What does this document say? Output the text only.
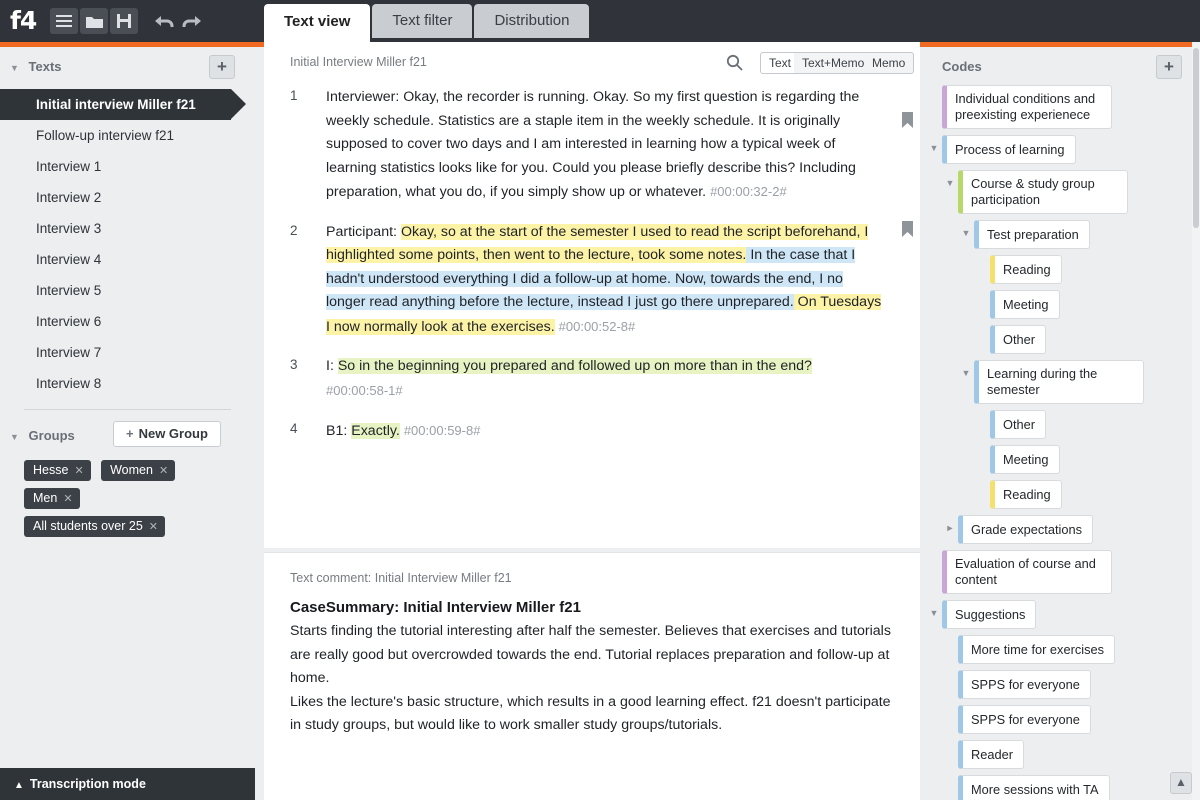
f4	Text view	Text filter	Distribution
▼ Texts	+
Initial interview Miller f21
Follow-up interview f21
Interview 1
Interview 2
Interview 3
Interview 4
Interview 5
Interview 6
Interview 7
Interview 8
▼ Groups	+ New Group
Hesse ✕ Women ✕ Men ✕ All students over 25 ✕
▲ Transcription mode
Initial Interview Miller f21	Text Text+Memo Memo
1	Interviewer: Okay, the recorder is running. Okay. So my first question is regarding the weekly schedule. Statistics are a staple item in the weekly schedule. It is originally supposed to cover two days and I am interested in learning how a typical week of learning statistics looks like for you. Could you please briefly describe this? Including preparation, what you do, if you simply show up or whatever. #00:00:32-2#
2	Participant: Okay, so at the start of the semester I used to read the script beforehand, I highlighted some points, then went to the lecture, took some notes. In the case that I hadn't understood everything I did a follow-up at home. Now, towards the end, I no longer read anything before the lecture, instead I just go there unprepared. On Tuesdays I now normally look at the exercises. #00:00:52-8#
3	I: So in the beginning you prepared and followed up on more than in the end?
#00:00:58-1#
4	B1: Exactly. #00:00:59-8#
Text comment: Initial Interview Miller f21
CaseSummary: Initial Interview Miller f21
Starts finding the tutorial interesting after half the semester. Believes that exercises and tutorials are really good but overcrowded towards the end. Tutorial replaces preparation and follow-up at home.
Likes the lecture's basic structure, which results in a good learning effect. f21 doesn't participate in study groups, but would like to work smaller study groups/tutorials.
Codes	+
Individual conditions and preexisting experienece
▼ Process of learning
▼ Course & study group participation
▼ Test preparation
Reading
Meeting
Other
▼ Learning during the semester
Other
Meeting
Reading
► Grade expectations
Evaluation of course and content
▼ Suggestions
More time for exercises
SPPS for everyone
SPPS for everyone
Reader
More sessions with TA	▲
